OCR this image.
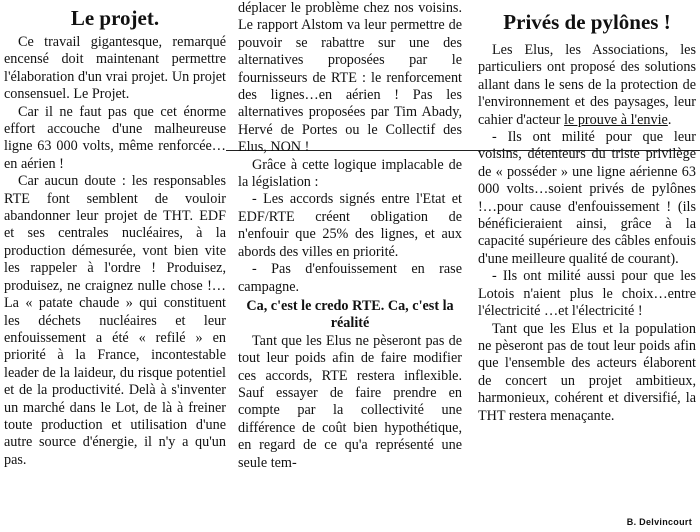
Le projet.

Ce travail gigantesque, remarqué encensé doit maintenant permettre l'élaboration d'un vrai projet. Un projet consensuel. Le Projet.

Car il ne faut pas que cet énorme effort accouche d'une malheureuse ligne 63 000 volts, même renforcée…en aérien !

Car aucun doute : les responsables RTE font semblent de vouloir abandonner leur projet de THT. EDF et ses centrales nucléaires, à la production démesurée, vont bien vite les rappeler à l'ordre ! Produisez, produisez, ne craignez nulle chose !…La « patate chaude » qui constituent les déchets nucléaires et leur enfouissement a été « refilé » en priorité à la France, incontestable leader de la laideur, du risque potentiel et de la productivité. Delà à s'inventer un marché dans le Lot, de là à freiner toute production et utilisation d'une autre source d'énergie, il n'y a qu'un pas.

déplacer le problème chez nos voisins. Le rapport Alstom va leur permettre de pouvoir se rabattre sur une des alternatives proposées par le fournisseurs de RTE : le renforcement des lignes…en aérien ! Pas les alternatives proposées par Tim Abady, Hervé de Portes ou le Collectif des Elus, NON !

Grâce à cette logique implacable de la législation :

- Les accords signés entre l'Etat et EDF/RTE créent obligation de n'enfouir que 25% des lignes, et aux abords des villes en priorité.

- Pas d'enfouissement en rase campagne.

Ca, c'est le credo RTE. Ca, c'est la réalité

Tant que les Elus ne pèseront pas de tout leur poids afin de faire modifier ces accords, RTE restera inflexible. Sauf essayer de faire prendre en compte par la collectivité une différence de coût bien hypothétique, en regard de ce qu'a représenté une seule tem-

Privés de pylônes !

Les Elus, les Associations, les particuliers ont proposé des solutions allant dans le sens de la protection de l'environnement et des paysages, leur cahier d'acteur le prouve à l'envie.

- Ils ont milité pour que leur voisins, détenteurs du triste privilège de « posséder » une ligne aérienne 63 000 volts…soient privés de pylônes !…pour cause d'enfouissement ! (ils bénéficieraient ainsi, grâce à la capacité supérieure des câbles enfouis d'une meilleure qualité de courant).

- Ils ont milité aussi pour que les Lotois n'aient plus le choix…entre l'électricité …et l'électricité !

Tant que les Elus et la population ne pèseront pas de tout leur poids afin que l'ensemble des acteurs élaborent de concert un projet ambitieux, harmonieux, cohérent et diversifié, la THT restera menaçante.

B. Delvincourt
